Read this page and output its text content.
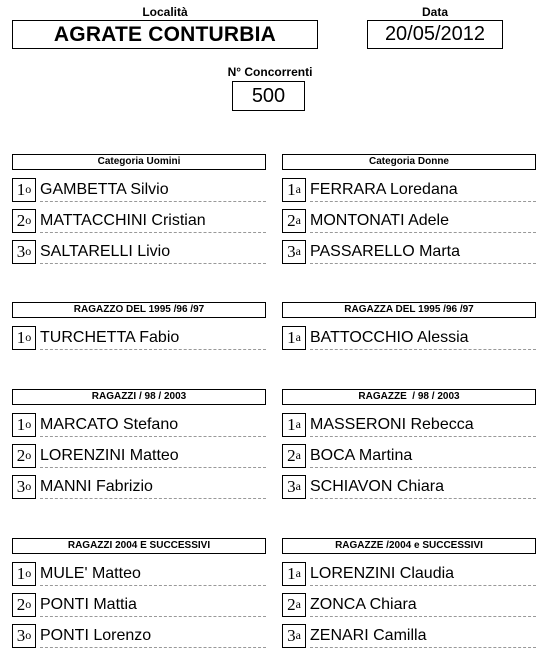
Località
AGRATE CONTURBIA
Data
20/05/2012
N° Concorrenti
500
Categoria Uomini
1$^o$ GAMBETTA Silvio
2$^o$ MATTACCHINI Cristian
3$^o$ SALTARELLI Livio
Categoria Donne
1$^a$ FERRARA Loredana
2$^a$ MONTONATI Adele
3$^a$ PASSARELLO Marta
RAGAZZO DEL 1995 /96 /97
1$^o$ TURCHETTA Fabio
RAGAZZA DEL 1995 /96 /97
1$^a$ BATTOCCHIO Alessia
RAGAZZI / 98 / 2003
1$^o$ MARCATO Stefano
2$^o$ LORENZINI Matteo
3$^o$ MANNI Fabrizio
RAGAZZE  / 98 / 2003
1$^a$ MASSERONI Rebecca
2$^a$ BOCA Martina
3$^a$ SCHIAVON Chiara
RAGAZZI 2004 E SUCCESSIVI
1$^o$ MULE' Matteo
2$^o$ PONTI Mattia
3$^o$ PONTI Lorenzo
RAGAZZE /2004 e SUCCESSIVI
1$^a$ LORENZINI Claudia
2$^a$ ZONCA Chiara
3$^a$ ZENARI Camilla
